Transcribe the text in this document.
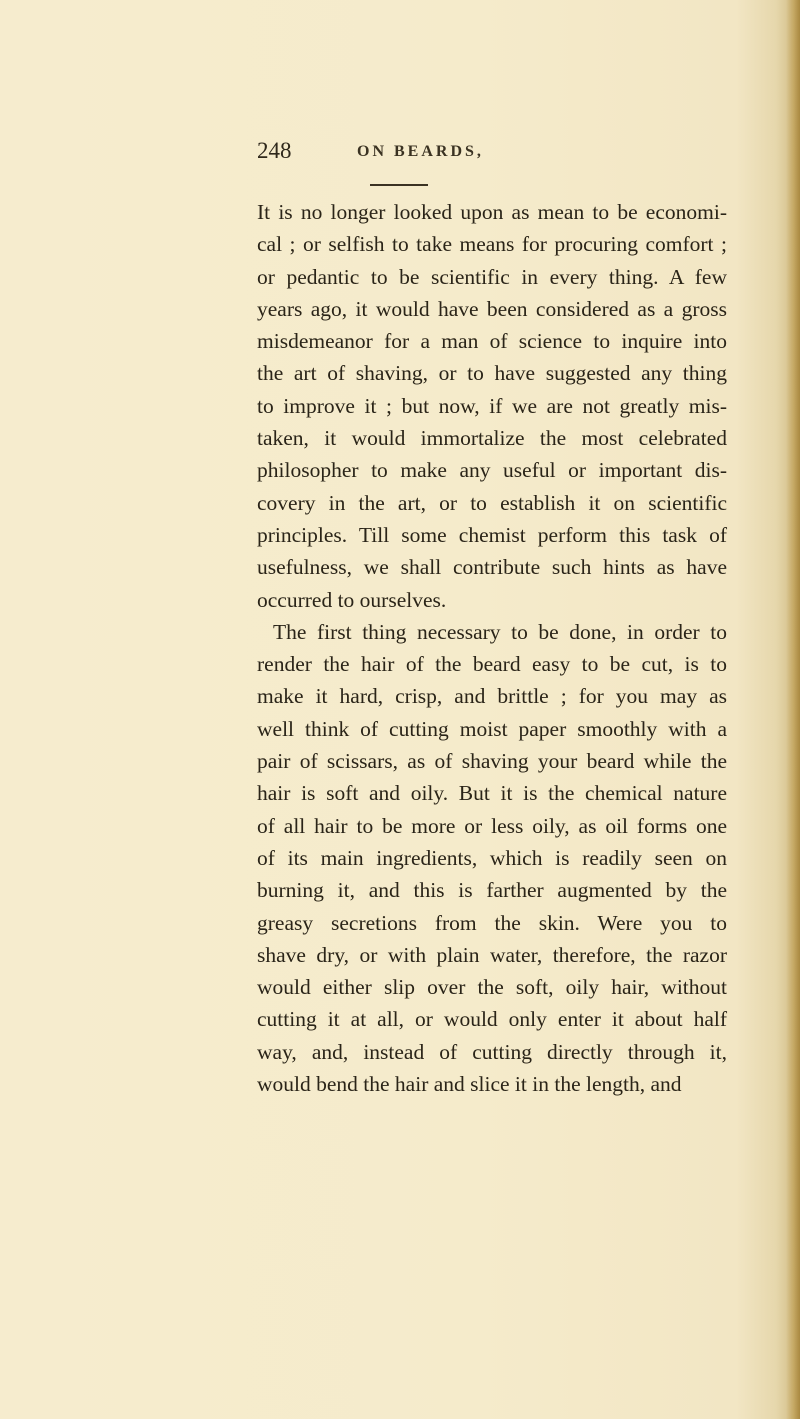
248	ON BEARDS,
It is no longer looked upon as mean to be economi-
cal ; or selfish to take means for procuring comfort ;
or pedantic to be scientific in every thing. A few
years ago, it would have been considered as a gross
misdemeanor for a man of science to inquire into
the art of shaving, or to have suggested any thing
to improve it ; but now, if we are not greatly mis-
taken, it would immortalize the most celebrated
philosopher to make any useful or important dis-
covery in the art, or to establish it on scientific
principles. Till some chemist perform this task of
usefulness, we shall contribute such hints as have
occurred to ourselves.
The first thing necessary to be done, in order to
render the hair of the beard easy to be cut, is to
make it hard, crisp, and brittle ; for you may as
well think of cutting moist paper smoothly with a
pair of scissars, as of shaving your beard while the
hair is soft and oily. But it is the chemical nature
of all hair to be more or less oily, as oil forms one
of its main ingredients, which is readily seen on
burning it, and this is farther augmented by the
greasy secretions from the skin. Were you to
shave dry, or with plain water, therefore, the razor
would either slip over the soft, oily hair, without
cutting it at all, or would only enter it about half
way, and, instead of cutting directly through it,
would bend the hair and slice it in the length, and
